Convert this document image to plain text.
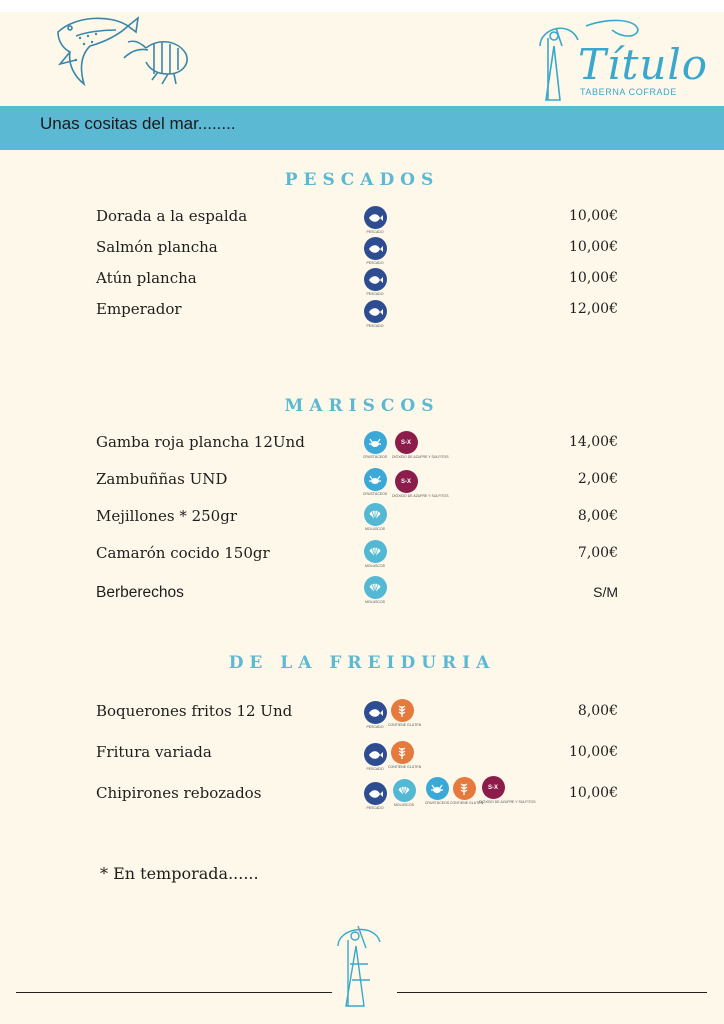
Título
TABERNA COFRADE
Unas cositas del mar........
PESCADOS
MARISCOS
DE LA FREIDURIA
Dorada a la espalda	10,00€
Salmón plancha	10,00€
Atún plancha	10,00€
Emperador	12,00€
Gamba roja plancha 12Und	14,00€
Zambuññas UND	2,00€
Mejillones * 250gr	8,00€
Camarón cocido 150gr	7,00€
Berberechos	S/M
Boquerones fritos 12 Und	8,00€
Fritura variada	10,00€
Chipirones rebozados	10,00€
PESCADO
PESCADO
PESCADO
PESCADO
CRUSTÁCEOS
S-X
DIÓXIDO DE AZUFRE Y SULFITOS
CRUSTÁCEOS
S-X
DIÓXIDO DE AZUFRE Y SULFITOS
MOLUSCOS
MOLUSCOS
MOLUSCOS
PESCADO	CONTIENE GLUTEN
PESCADO	CONTIENE GLUTEN
PESCADO
MOLUSCOS	CRUSTÁCEOS CONTIENE GLUTEN
S-X
DIÓXIDO DE AZUFRE Y SULFITOS
* En temporada......
